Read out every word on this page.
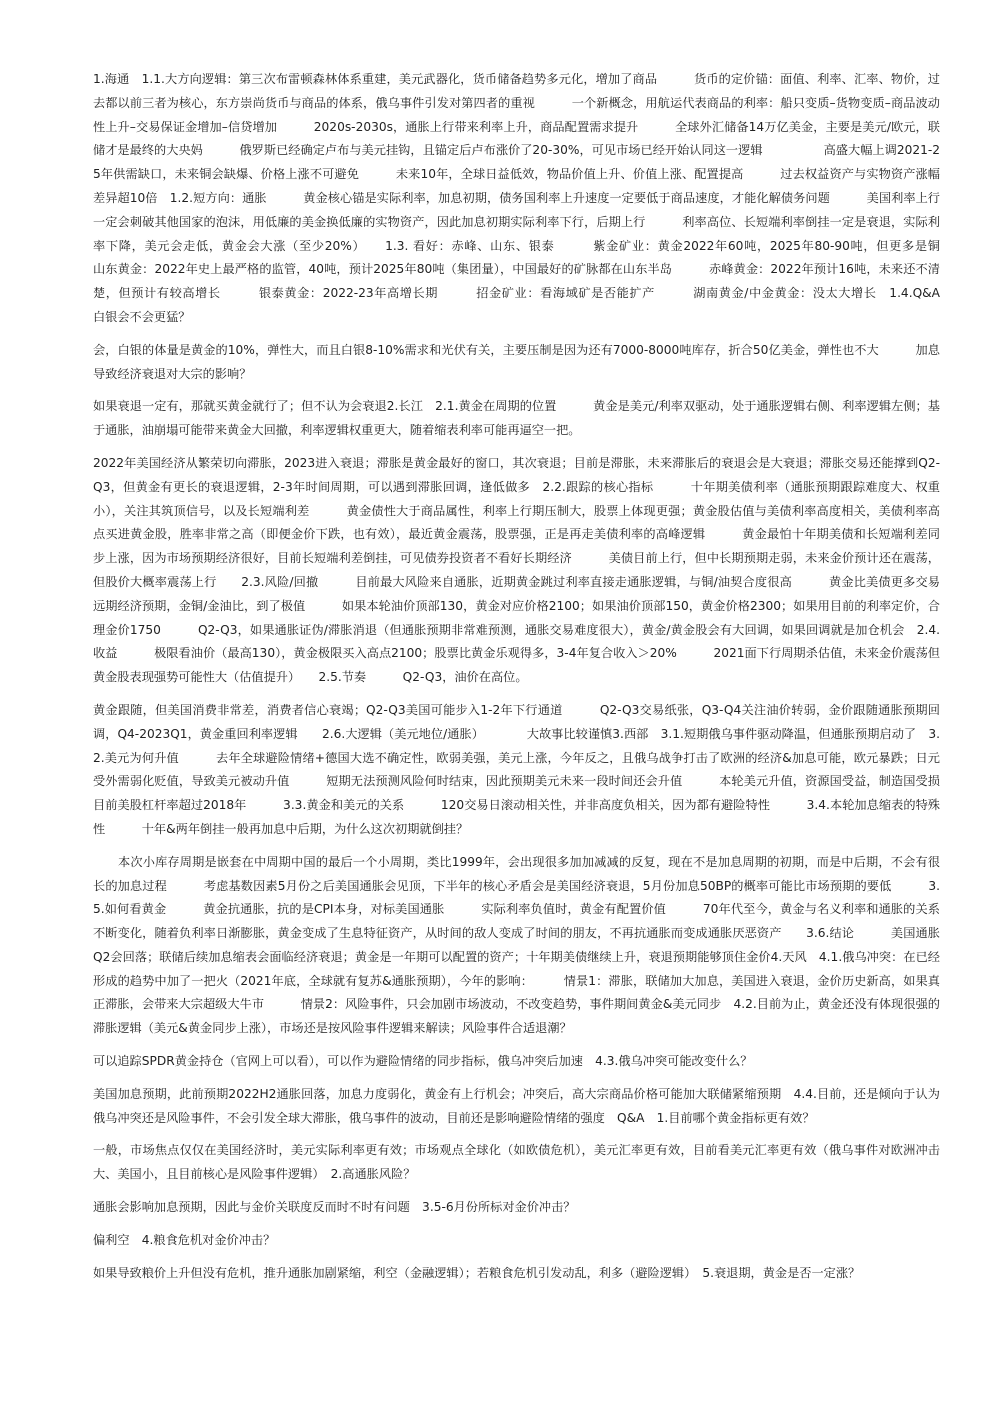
1.海通　1.1.大方向逻辑：第三次布雷顿森林体系重建，美元武器化，货币储备趋势多元化，增加了商品　　　货币的定价锚：面值、利率、汇率、物价，过去都以前三者为核心，东方崇尚货币与商品的体系，俄乌事件引发对第四者的重视　　　一个新概念，用航运代表商品的利率：船只变质–货物变质–商品波动性上升–交易保证金增加–信贷增加　　　2020s-2030s，通胀上行带来利率上升，商品配置需求提升　　　全球外汇储备14万亿美金，主要是美元/欧元，联储才是最终的大央妈　　　俄罗斯已经确定卢布与美元挂钩，且锚定后卢布涨价了20-30%，可见市场已经开始认同这一逻辑　　　　　高盛大幅上调2021-25年供需缺口，未来铜会缺爆、价格上涨不可避免　　　未来10年，全球日益低效，物品价值上升、价值上涨、配置提高　　　过去权益资产与实物资产涨幅差异超10倍　1.2.短方向：通胀　　　黄金核心锚是实际利率，加息初期，债务国利率上升速度一定要低于商品速度，才能化解债务问题　　　美国利率上行一定会刺破其他国家的泡沫，用低廉的美金换低廉的实物资产，因此加息初期实际利率下行，后期上行　　　利率高位、长短端利率倒挂一定是衰退，实际利率下降，美元会走低，黄金会大涨（至少20%）　　1.3. 看好：赤峰、山东、银泰　　　紫金矿业：黄金2022年60吨，2025年80-90吨，但更多是铜　　　山东黄金：2022年史上最严格的监管，40吨，预计2025年80吨（集团量），中国最好的矿脉都在山东半岛　　　赤峰黄金：2022年预计16吨，未来还不清楚，但预计有较高增长　　　银泰黄金：2022-23年高增长期　　　招金矿业：看海域矿是否能扩产　　　湖南黄金/中金黄金：没太大增长　1.4.Q&A　　　白银会不会更猛？

会，白银的体量是黄金的10%，弹性大，而且白银8-10%需求和光伏有关，主要压制是因为还有7000-8000吨库存，折合50亿美金，弹性也不大　　　加息导致经济衰退对大宗的影响？

如果衰退一定有，那就买黄金就行了；但不认为会衰退2.长江　2.1.黄金在周期的位置　　　黄金是美元/利率双驱动，处于通胀逻辑右侧、利率逻辑左侧；基于通胀，油崩塌可能带来黄金大回撤，利率逻辑权重更大，随着缩表利率可能再逼空一把。

2022年美国经济从繁荣切向滞胀，2023进入衰退；滞胀是黄金最好的窗口，其次衰退；目前是滞胀，未来滞胀后的衰退会是大衰退；滞胀交易还能撑到Q2-Q3，但黄金有更长的衰退逻辑，2-3年时间周期，可以遇到滞胀回调，逢低做多　2.2.跟踪的核心指标　　　十年期美债利率（通胀预期跟踪难度大、权重小），关注其筑顶信号，以及长短端利差　　　黄金债性大于商品属性，利率上行期压制大，股票上体现更强；黄金股估值与美债利率高度相关，美债利率高点买进黄金股，胜率非常之高（即便金价下跌，也有效），最近黄金震荡，股票强，正是再走美债利率的高峰逻辑　　　黄金最怕十年期美债和长短端利差同步上涨，因为市场预期经济很好，目前长短端利差倒挂，可见债券投资者不看好长期经济　　　美债目前上行，但中长期预期走弱，未来金价预计还在震荡，但股价大概率震荡上行　　2.3.风险/回撤　　　目前最大风险来自通胀，近期黄金跳过利率直接走通胀逻辑，与铜/油契合度很高　　　黄金比美债更多交易远期经济预期，金铜/金油比，到了极值　　　如果本轮油价顶部130，黄金对应价格2100；如果油价顶部150，黄金价格2300；如果用目前的利率定价，合理金价1750　　　Q2-Q3，如果通胀证伪/滞胀消退（但通胀预期非常难预测，通胀交易难度很大），黄金/黄金股会有大回调，如果回调就是加仓机会　2.4.收益　　　极限看油价（最高130），黄金极限买入高点2100；股票比黄金乐观得多，3-4年复合收入＞20%　　　2021面下行周期杀估值，未来金价震荡但黄金股表现强势可能性大（估值提升）　　2.5.节奏　　　Q2-Q3，油价在高位。

黄金跟随，但美国消费非常差，消费者信心衰竭；Q2-Q3美国可能步入1-2年下行通道　　　Q2-Q3交易纸张，Q3-Q4关注油价转弱，金价跟随通胀预期回调，Q4-2023Q1，黄金重回利率逻辑　　2.6.大逻辑（美元地位/通胀）　　　　大故事比较谨慎3.西部　3.1.短期俄乌事件驱动降温，但通胀预期启动了　3.2.美元为何升值　　　去年全球避险情绪+德国大选不确定性，欧弱美强，美元上涨，今年反之，且俄乌战争打击了欧洲的经济&加息可能，欧元暴跌；日元受外需弱化贬值，导致美元被动升值　　　短期无法预测风险何时结束，因此预期美元未来一段时间还会升值　　　本轮美元升值，资源国受益，制造国受损　　　目前美股杠杆率超过2018年　　　3.3.黄金和美元的关系　　　120交易日滚动相关性，并非高度负相关，因为都有避险特性　　　3.4.本轮加息缩表的特殊性　　　十年&两年倒挂一般再加息中后期，为什么这次初期就倒挂？

本次小库存周期是嵌套在中周期中国的最后一个小周期，类比1999年，会出现很多加加减减的反复，现在不是加息周期的初期，而是中后期，不会有很长的加息过程　　　考虑基数因素5月份之后美国通胀会见顶，下半年的核心矛盾会是美国经济衰退，5月份加息50BP的概率可能比市场预期的要低　　　3.5.如何看黄金　　　黄金抗通胀，抗的是CPI本身，对标美国通胀　　　实际利率负值时，黄金有配置价值　　　70年代至今，黄金与名义利率和通胀的关系不断变化，随着负利率日渐膨胀，黄金变成了生息特征资产，从时间的敌人变成了时间的朋友，不再抗通胀而变成通胀厌恶资产　　3.6.结论　　　美国通胀Q2会回落；联储后续加息缩表会面临经济衰退；黄金是一年期可以配置的资产；十年期美债继续上升，衰退预期能够顶住金价4.天风　4.1.俄乌冲突：在已经形成的趋势中加了一把火（2021年底，全球就有复苏&通胀预期），今年的影响：　　　情景1：滞胀，联储加大加息，美国进入衰退，金价历史新高，如果真正滞胀，会带来大宗超级大牛市　　　情景2：风险事件，只会加剧市场波动，不改变趋势，事件期间黄金&美元同步　4.2.目前为止，黄金还没有体现很强的滞胀逻辑（美元&黄金同步上涨），市场还是按风险事件逻辑来解读；风险事件合适退潮？

可以追踪SPDR黄金持仓（官网上可以看），可以作为避险情绪的同步指标，俄乌冲突后加速　4.3.俄乌冲突可能改变什么？

美国加息预期，此前预期2022H2通胀回落，加息力度弱化，黄金有上行机会；冲突后，高大宗商品价格可能加大联储紧缩预期　4.4.目前，还是倾向于认为俄乌冲突还是风险事件，不会引发全球大滞胀，俄乌事件的波动，目前还是影响避险情绪的强度　Q&A　1.目前哪个黄金指标更有效？

一般，市场焦点仅仅在美国经济时，美元实际利率更有效；市场观点全球化（如欧债危机），美元汇率更有效，目前看美元汇率更有效（俄乌事件对欧洲冲击大、美国小，且目前核心是风险事件逻辑）　2.高通胀风险？

通胀会影响加息预期，因此与金价关联度反而时不时有问题　3.5-6月份所标对金价冲击？

偏利空　4.粮食危机对金价冲击？

如果导致粮价上升但没有危机，推升通胀加剧紧缩，利空（金融逻辑）；若粮食危机引发动乱，利多（避险逻辑）　5.衰退期，黄金是否一定涨？
